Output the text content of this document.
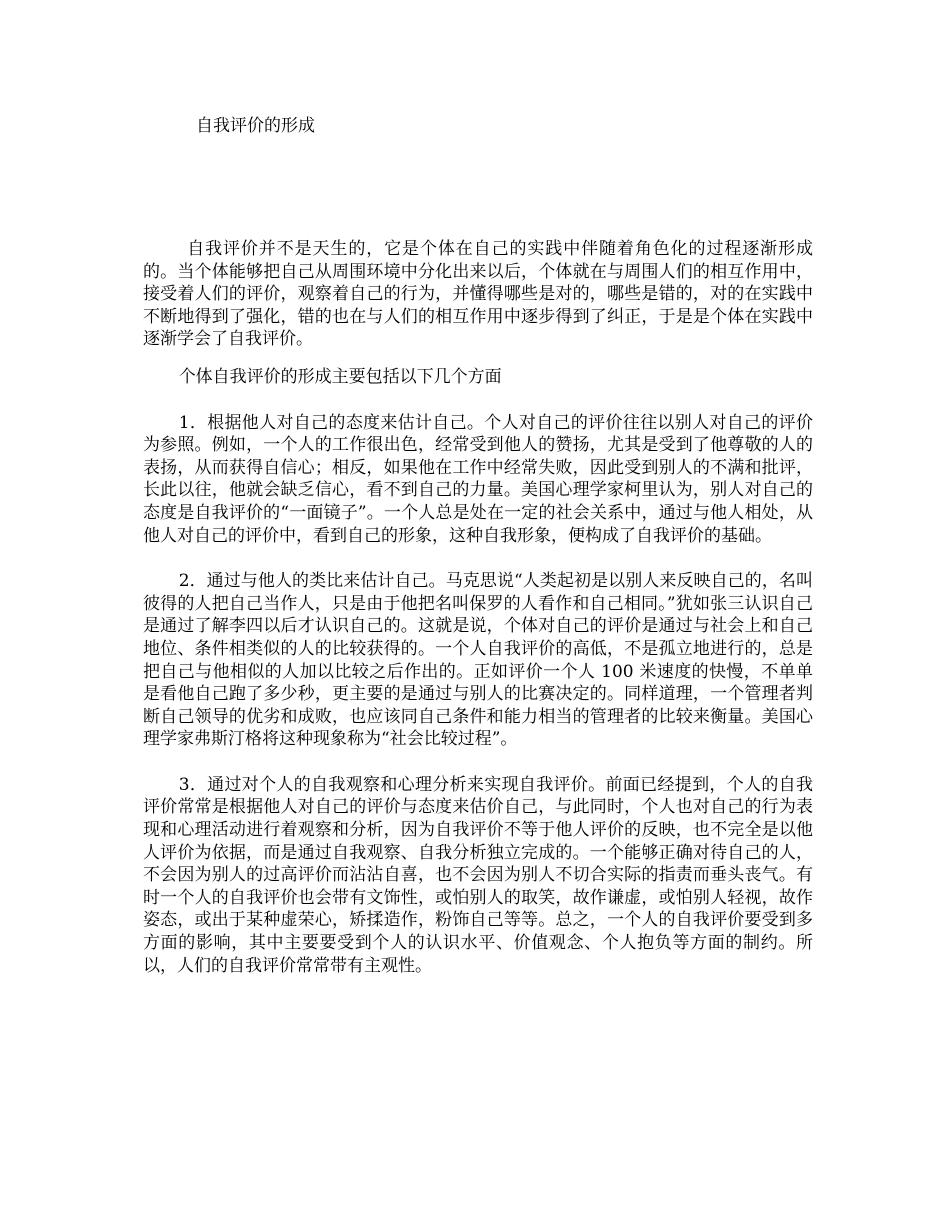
自我评价的形成

自我评价并不是天生的，它是个体在自己的实践中伴随着角色化的过程逐渐形成的。当个体能够把自己从周围环境中分化出来以后，个体就在与周围人们的相互作用中，接受着人们的评价，观察着自己的行为，并懂得哪些是对的，哪些是错的，对的在实践中不断地得到了强化，错的也在与人们的相互作用中逐步得到了纠正，于是是个体在实践中逐渐学会了自我评价。

个体自我评价的形成主要包括以下几个方面

1．根据他人对自己的态度来估计自己。个人对自己的评价往往以别人对自己的评价为参照。例如，一个人的工作很出色，经常受到他人的赞扬，尤其是受到了他尊敬的人的表扬，从而获得自信心；相反，如果他在工作中经常失败，因此受到别人的不满和批评，长此以往，他就会缺乏信心，看不到自己的力量。美国心理学家柯里认为，别人对自己的态度是自我评价的“一面镜子”。一个人总是处在一定的社会关系中，通过与他人相处，从他人对自己的评价中，看到自己的形象，这种自我形象，便构成了自我评价的基础。

2．通过与他人的类比来估计自己。马克思说“人类起初是以别人来反映自己的，名叫彼得的人把自己当作人，只是由于他把名叫保罗的人看作和自己相同。”犹如张三认识自己是通过了解李四以后才认识自己的。这就是说，个体对自己的评价是通过与社会上和自己地位、条件相类似的人的比较获得的。一个人自我评价的高低，不是孤立地进行的，总是把自己与他相似的人加以比较之后作出的。正如评价一个人 100 米速度的快慢，不单单是看他自己跑了多少秒，更主要的是通过与别人的比赛决定的。同样道理，一个管理者判断自己领导的优劣和成败，也应该同自己条件和能力相当的管理者的比较来衡量。美国心理学家弗斯汀格将这种现象称为“社会比较过程”。

3．通过对个人的自我观察和心理分析来实现自我评价。前面已经提到，个人的自我评价常常是根据他人对自己的评价与态度来估价自己，与此同时，个人也对自己的行为表现和心理活动进行着观察和分析，因为自我评价不等于他人评价的反映，也不完全是以他人评价为依据，而是通过自我观察、自我分析独立完成的。一个能够正确对待自己的人，不会因为别人的过高评价而沾沾自喜，也不会因为别人不切合实际的指责而垂头丧气。有时一个人的自我评价也会带有文饰性，或怕别人的取笑，故作谦虚，或怕别人轻视，故作姿态，或出于某种虚荣心，矫揉造作，粉饰自己等等。总之，一个人的自我评价要受到多方面的影响，其中主要要受到个人的认识水平、价值观念、个人抱负等方面的制约。所以，人们的自我评价常常带有主观性。
